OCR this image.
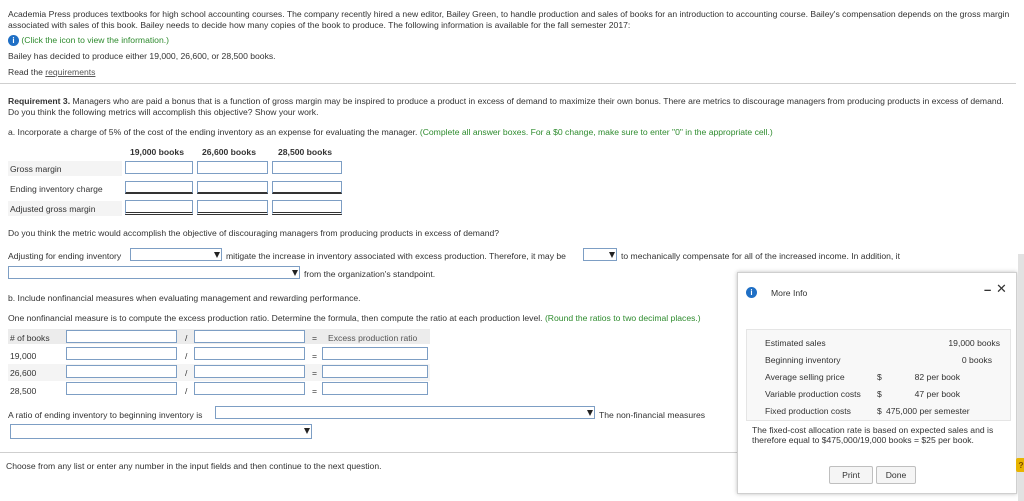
Academia Press produces textbooks for high school accounting courses. The company recently hired a new editor, Bailey Green, to handle production and sales of books for an introduction to accounting course. Bailey's compensation depends on the gross margin associated with sales of this book. Bailey needs to decide how many copies of the book to produce. The following information is available for the fall semester 2017:
i (Click the icon to view the information.)
Bailey has decided to produce either 19,000, 26,600, or 28,500 books.
Read the requirements
Requirement 3. Managers who are paid a bonus that is a function of gross margin may be inspired to produce a product in excess of demand to maximize their own bonus. There are metrics to discourage managers from producing products in excess of demand. Do you think the following metrics will accomplish this objective? Show your work.
a. Incorporate a charge of 5% of the cost of the ending inventory as an expense for evaluating the manager. (Complete all answer boxes. For a $0 change, make sure to enter "0" in the appropriate cell.)
19,000 books 26,600 books	28,500 books
Gross margin
Ending inventory charge
Adjusted gross margin
Do you think the metric would accomplish the objective of discouraging managers from producing products in excess of demand?
Adjusting for ending inventory	mitigate the increase in inventory associated with excess production. Therefore, it may be	to mechanically compensate for all of the increased income. In addition, it
from the organization's standpoint.
b. Include nonfinancial measures when evaluating management and rewarding performance.
One nonfinancial measure is to compute the excess production ratio. Determine the formula, then compute the ratio at each production level. (Round the ratios to two decimal places.)
# of books	/	= Excess production ratio
19,000	/	=
26,600	/	=
28,500	/	=
A ratio of ending inventory to beginning inventory is	The non-financial measures
Choose from any list or enter any number in the input fields and then continue to the next question.
i	More Info	– ✕
Estimated sales	19,000 books
Beginning inventory	0 books
Average selling price	$	82 per book
Variable production costs $	47 per book
Fixed production costs	$ 475,000 per semester
The fixed-cost allocation rate is based on expected sales and is therefore equal to $475,000/19,000 books = $25 per book.
Print	Done
?
